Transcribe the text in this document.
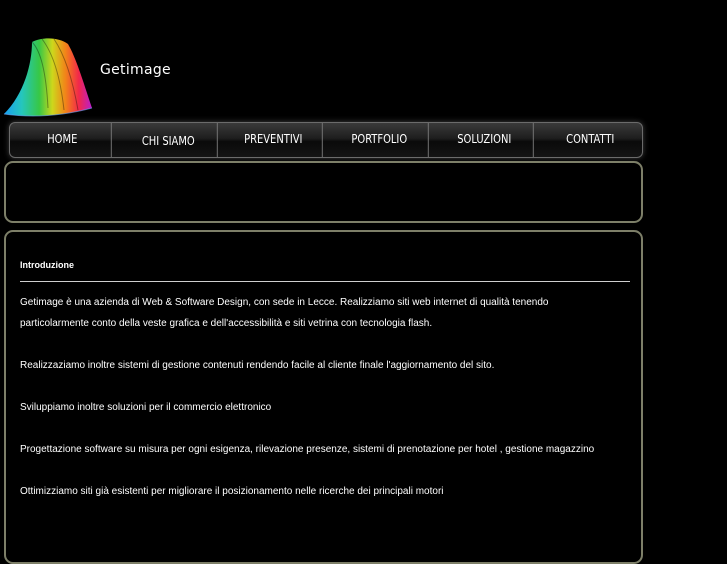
Getimage
HOME	CHI SIAMO	PREVENTIVI	PORTFOLIO	SOLUZIONI	CONTATTI
Introduzione
Getimage è una azienda di Web & Software Design, con sede in Lecce. Realizziamo siti web internet di qualità tenendo
particolarmente conto della veste grafica e dell'accessibilità e siti vetrina con tecnologia flash.
Realizzaziamo inoltre sistemi di gestione contenuti rendendo facile al cliente finale l'aggiornamento del sito.
Sviluppiamo inoltre soluzioni per il commercio elettronico
Progettazione software su misura per ogni esigenza, rilevazione presenze, sistemi di prenotazione per hotel , gestione magazzino
Ottimizziamo siti già esistenti per migliorare il posizionamento nelle ricerche dei principali motori
